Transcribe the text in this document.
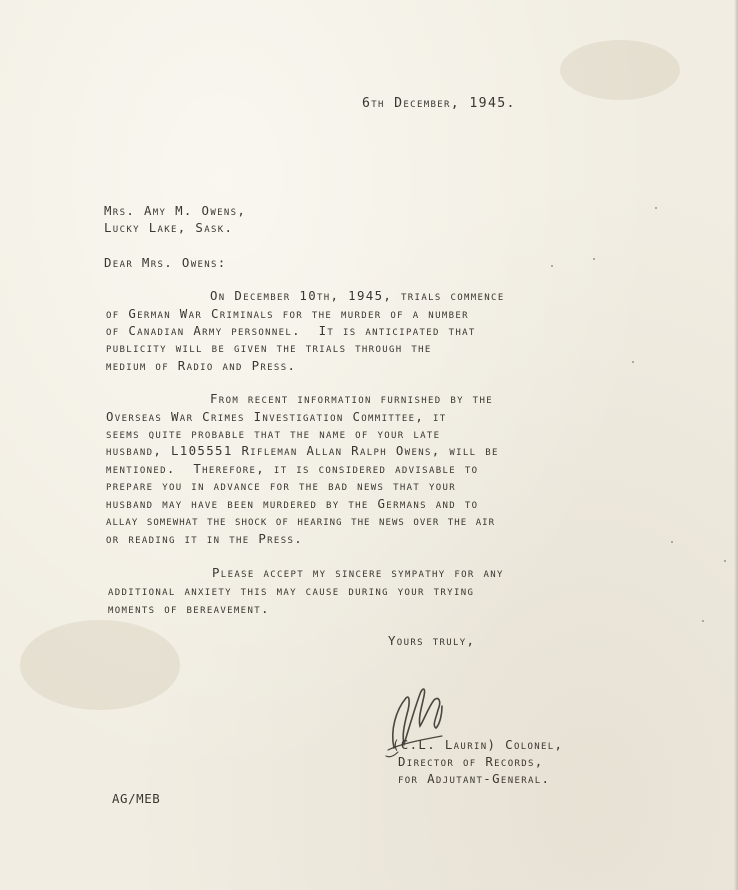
6th December, 1945.
Mrs. Amy M. Owens,
Lucky Lake, Sask.
Dear Mrs. Owens:
On December 10th, 1945, trials commence
of German War Criminals for the murder of a number
of Canadian Army personnel.  It is anticipated that
publicity will be given the trials through the
medium of Radio and Press.
From recent information furnished by the
Overseas War Crimes Investigation Committee, it
seems quite probable that the name of your late
husband, L105551 Rifleman Allan Ralph Owens, will be
mentioned.  Therefore, it is considered advisable to
prepare you in advance for the bad news that your
husband may have been murdered by the Germans and to
allay somewhat the shock of hearing the news over the air
or reading it in the Press.
Please accept my sincere sympathy for any
additional anxiety this may cause during your trying
moments of bereavement.
Yours truly,
(C.L. Laurin) Colonel,
Director of Records,
for Adjutant-General.
AG/MEB
